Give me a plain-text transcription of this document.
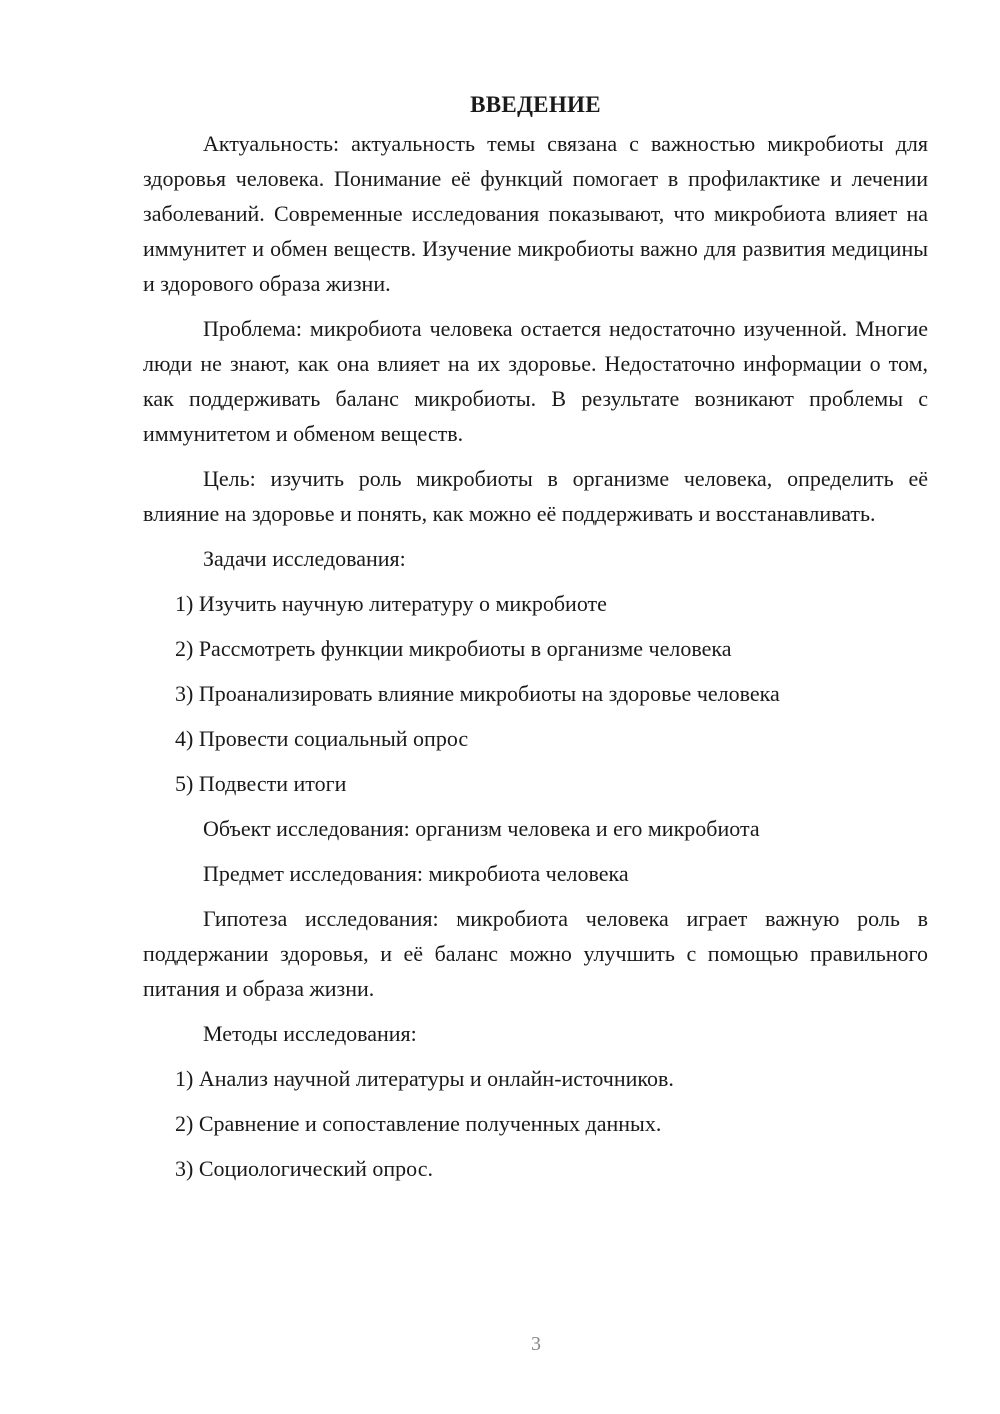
ВВЕДЕНИЕ

Актуальность: актуальность темы связана с важностью микробиоты для здоровья человека. Понимание её функций помогает в профилактике и лечении заболеваний. Современные исследования показывают, что микробиота влияет на иммунитет и обмен веществ. Изучение микробиоты важно для развития медицины и здорового образа жизни.

Проблема: микробиота человека остается недостаточно изученной. Многие люди не знают, как она влияет на их здоровье. Недостаточно информации о том, как поддерживать баланс микробиоты. В результате возникают проблемы с иммунитетом и обменом веществ.

Цель: изучить роль микробиоты в организме человека, определить её влияние на здоровье и понять, как можно её поддерживать и восстанавливать.

Задачи исследования:

1) Изучить научную литературу о микробиоте

2) Рассмотреть функции микробиоты в организме человека

3) Проанализировать влияние микробиоты на здоровье человека

4) Провести социальный опрос

5) Подвести итоги

Объект исследования: организм человека и его микробиота

Предмет исследования: микробиота человека

Гипотеза исследования: микробиота человека играет важную роль в поддержании здоровья, и её баланс можно улучшить с помощью правильного питания и образа жизни.

Методы исследования:

1) Анализ научной литературы и онлайн-источников.

2) Сравнение и сопоставление полученных данных.

3) Социологический опрос.

3
